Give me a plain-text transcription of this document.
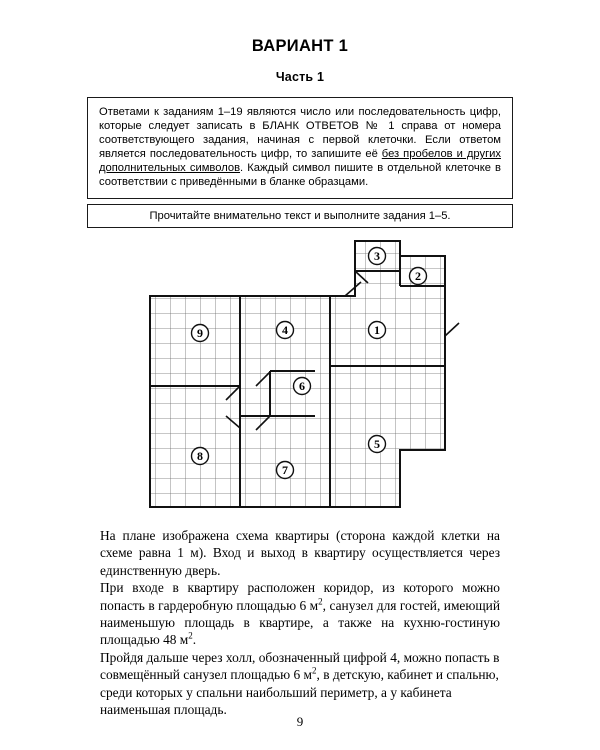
ВАРИАНТ 1
Часть 1

Ответами к заданиям 1–19 являются число или последовательность цифр, которые следует записать в БЛАНК ОТВЕТОВ № 1 справа от номера соответствующего задания, начиная с первой клеточки. Если ответом является последовательность цифр, то запишите её без пробелов и других дополнительных символов. Каждый символ пишите в отдельной клеточке в соответствии с приведёнными в бланке образцами.

Прочитайте внимательно текст и выполните задания 1–5.
1
2
3
4
5
6
7
8
9

На плане изображена схема квартиры (сторона каждой клетки на схеме равна 1 м). Вход и выход в квартиру осуществляется через единственную дверь.

При входе в квартиру расположен коридор, из которого можно попасть в гардеробную площадью 6 $м^2$, санузел для гостей, имеющий наименьшую площадь в квартире, а также на кухню-гостиную площадью 48 $м^2$.

Пройдя дальше через холл, обозначенный цифрой 4, можно попасть в совмещённый санузел площадью 6 $м^2$, в детскую, кабинет и спальню, среди которых у спальни наибольший периметр, а у кабинета наименьшая площадь.

9
